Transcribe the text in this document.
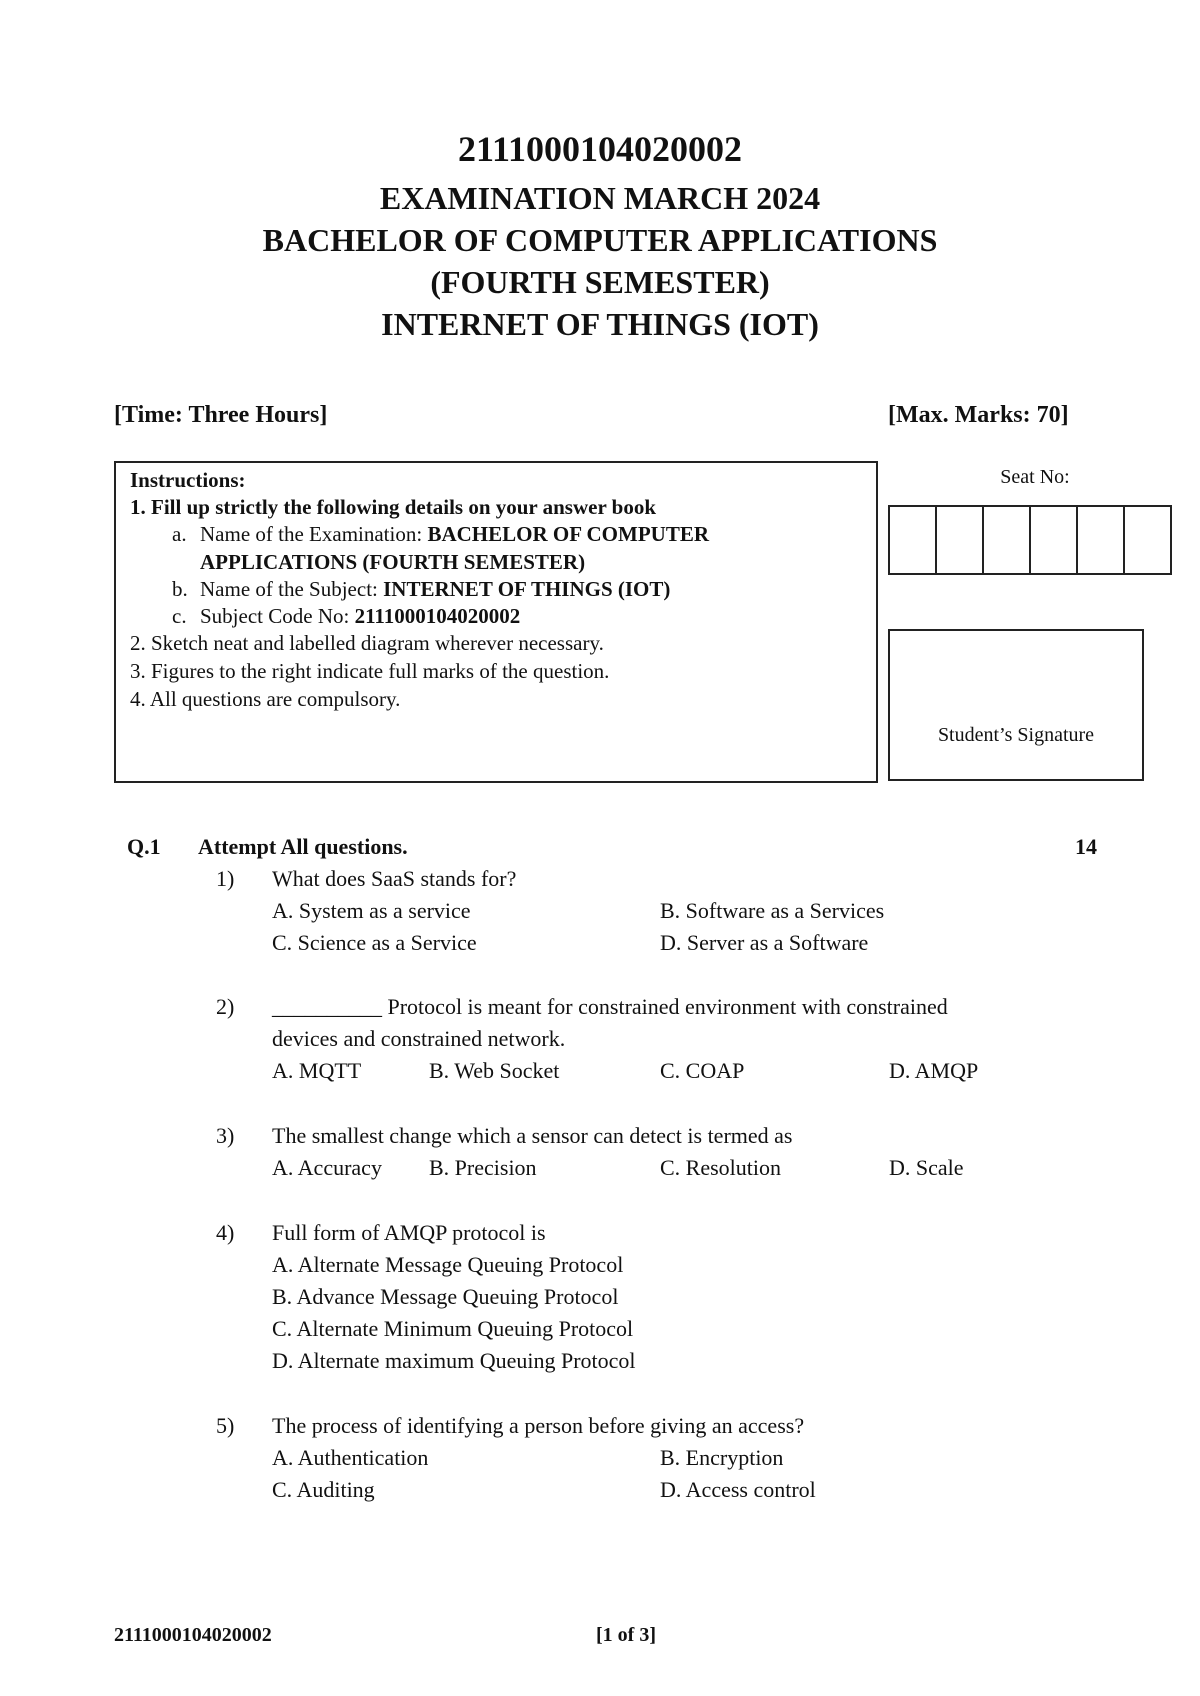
2111000104020002
EXAMINATION MARCH 2024
BACHELOR OF COMPUTER APPLICATIONS
(FOURTH SEMESTER)
INTERNET OF THINGS (IOT)
[Time: Three Hours]	[Max. Marks: 70]
Instructions:
1. Fill up strictly the following details on your answer book
a. Name of the Examination: BACHELOR OF COMPUTER
APPLICATIONS (FOURTH SEMESTER)
b. Name of the Subject: INTERNET OF THINGS (IOT)
c. Subject Code No: 2111000104020002
2. Sketch neat and labelled diagram wherever necessary.
3. Figures to the right indicate full marks of the question.
4. All questions are compulsory.
Seat No:
Student’s Signature
Q.1 Attempt All questions.	14
1) What does SaaS stands for?
A. System as a service	B. Software as a Services
C. Science as a Service	D. Server as a Software
2) __________ Protocol is meant for constrained environment with constrained
devices and constrained network.
A. MQTT	B. Web Socket	C. COAP	D. AMQP
3) The smallest change which a sensor can detect is termed as
A. Accuracy B. Precision	C. Resolution	D. Scale
4) Full form of AMQP protocol is
A. Alternate Message Queuing Protocol
B. Advance Message Queuing Protocol
C. Alternate Minimum Queuing Protocol
D. Alternate maximum Queuing Protocol
5) The process of identifying a person before giving an access?
A. Authentication	B. Encryption
C. Auditing	D. Access control
2111000104020002	[1 of 3]
